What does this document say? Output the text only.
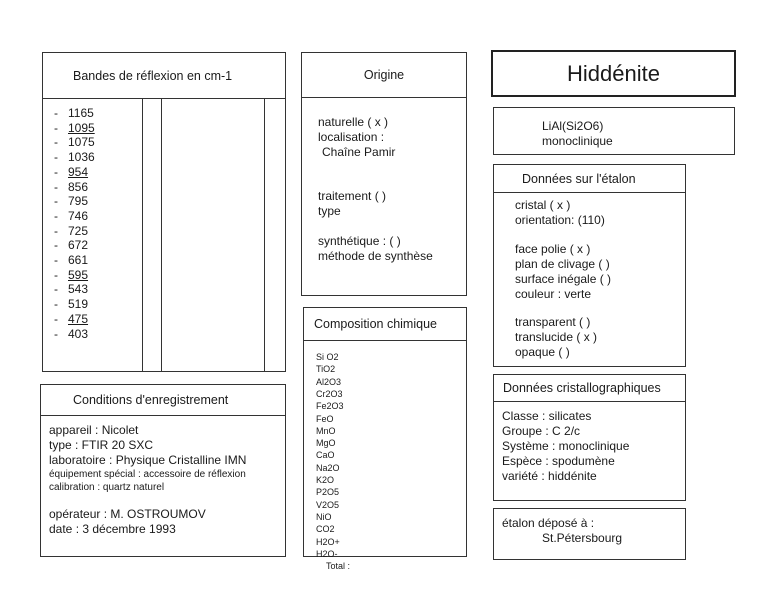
Bandes de réflexion en cm-1
- 1165
- 1095
- 1075
- 1036
- 954
- 856
- 795
- 746
- 725
- 672
- 661
- 595
- 543
- 519
- 475
- 403
Conditions d'enregistrement
appareil : Nicolet
type : FTIR 20 SXC
laboratoire : Physique Cristalline IMN
équipement spécial : accessoire de réflexion
calibration : quartz naturel
opérateur : M. OSTROUMOV
date : 3 décembre 1993
Origine
naturelle ( x )
localisation :
Chaîne Pamir
traitement ( )
type
synthétique : ( )
méthode de synthèse
Composition chimique
Si O2
TiO2
Al2O3
Cr2O3
Fe2O3
FeO
MnO
MgO
CaO
Na2O
K2O
P2O5
V2O5
NiO
CO2
H2O+
H2O-
Total :
Hiddénite
LiAl(Si2O6)
monoclinique
Données sur l'étalon
cristal ( x )
orientation: (110)
face polie ( x )
plan de clivage ( )
surface inégale ( )
couleur : verte
transparent ( )
translucide ( x )
opaque ( )
Données cristallographiques
Classe : silicates
Groupe : C 2/c
Système : monoclinique
Espèce : spodumène
variété : hiddénite
étalon déposé à :
St.Pétersbourg
